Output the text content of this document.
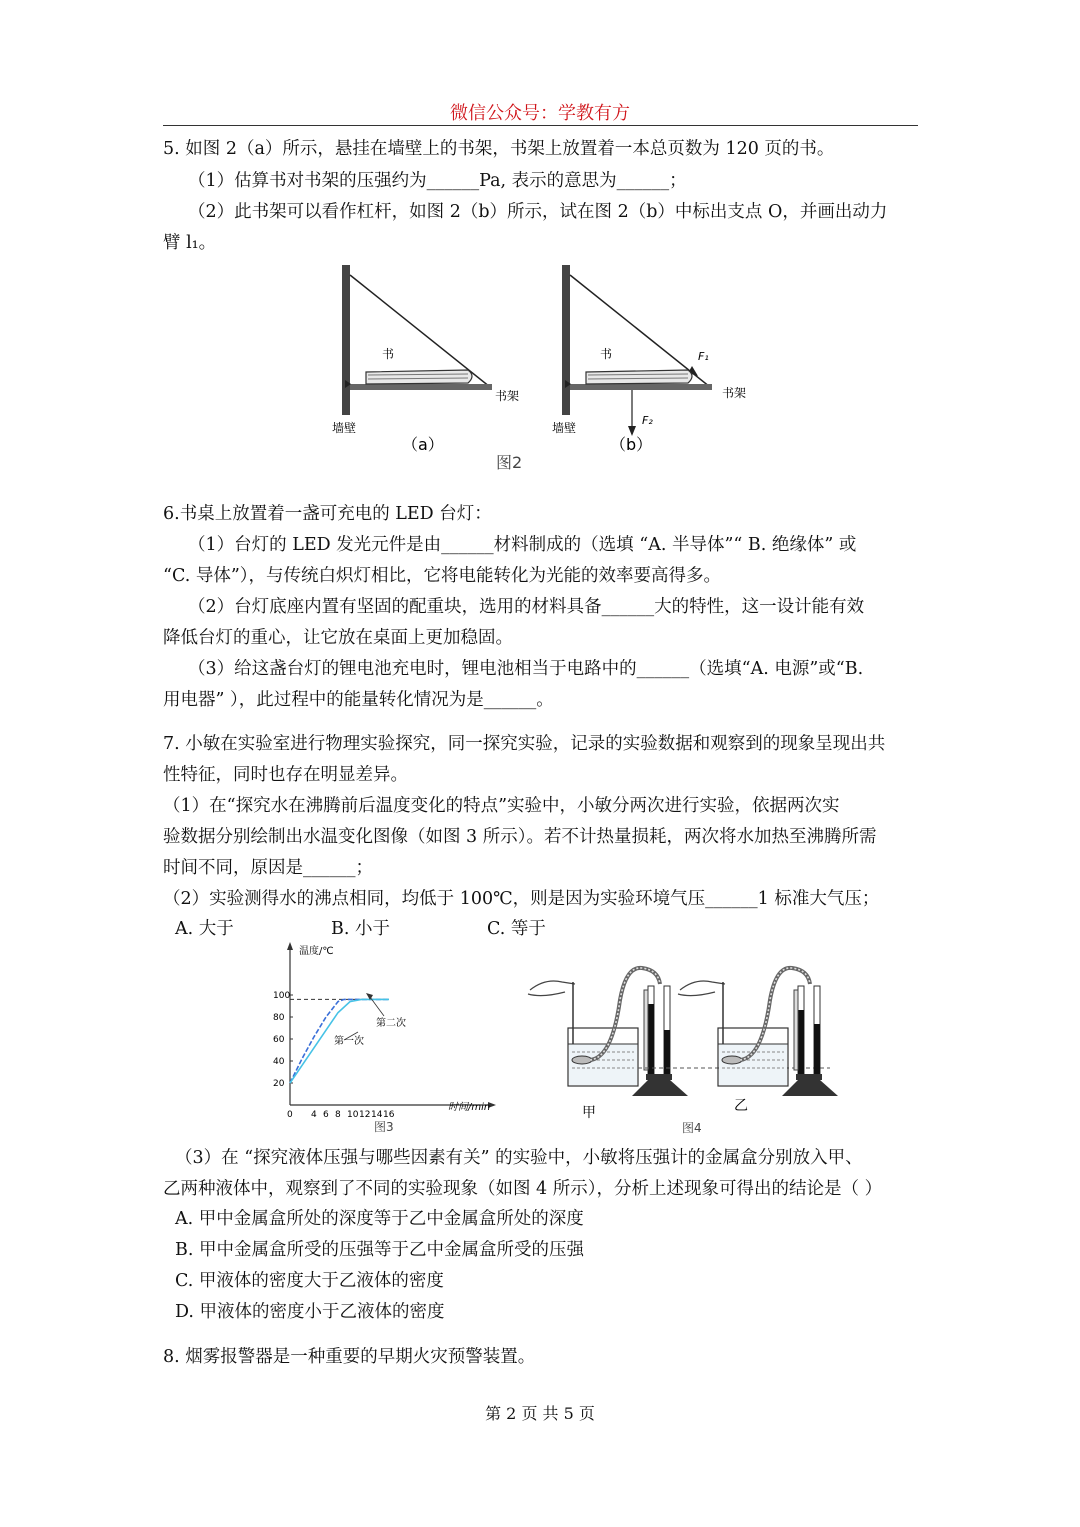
微信公众号：学教有方
5. 如图 2（a）所示，悬挂在墙壁上的书架，书架上放置着一本总页数为 120 页的书。
（1）估算书对书架的压强约为______Pa, 表示的意思为______；
（2）此书架可以看作杠杆，如图 2（b）所示，试在图 2（b）中标出支点 O，并画出动力
臂 l₁。
书
书架
墙壁
（a）
书	F₁
F₂
书架
墙壁
（b）
图2
6.书桌上放置着一盏可充电的 LED 台灯：
（1）台灯的 LED 发光元件是由______材料制成的（选填 “A. 半导体”“ B. 绝缘体” 或
“C. 导体”），与传统白炽灯相比，它将电能转化为光能的效率要高得多。
（2）台灯底座内置有坚固的配重块，选用的材料具备______大的特性，这一设计能有效
降低台灯的重心，让它放在桌面上更加稳固。
（3）给这盏台灯的锂电池充电时，锂电池相当于电路中的______（选填“A. 电源”或“B.
用电器” ），此过程中的能量转化情况为是______。
7. 小敏在实验室进行物理实验探究，同一探究实验，记录的实验数据和观察到的现象呈现出共
性特征，同时也存在明显差异。
（1）在“探究水在沸腾前后温度变化的特点”实验中，小敏分两次进行实验，依据两次实
验数据分别绘制出水温变化图像（如图 3 所示）。若不计热量损耗，两次将水加热至沸腾所需
时间不同，原因是______；
（2）实验测得水的沸点相同，均低于 100℃，则是因为实验环境气压______1 标准大气压；
A. 大于	B. 小于	C. 等于
温度/℃
时间/min
0 4 6 8 10 12 14 16
20
40
60
80
100
第一次
第二次
图3
甲	乙
图4
（3）在 “探究液体压强与哪些因素有关” 的实验中，小敏将压强计的金属盒分别放入甲、
乙两种液体中，观察到了不同的实验现象（如图 4 所示），分析上述现象可得出的结论是（ ）
A. 甲中金属盒所处的深度等于乙中金属盒所处的深度
B. 甲中金属盒所受的压强等于乙中金属盒所受的压强
C. 甲液体的密度大于乙液体的密度
D. 甲液体的密度小于乙液体的密度
8. 烟雾报警器是一种重要的早期火灾预警装置。
第 2 页 共 5 页
